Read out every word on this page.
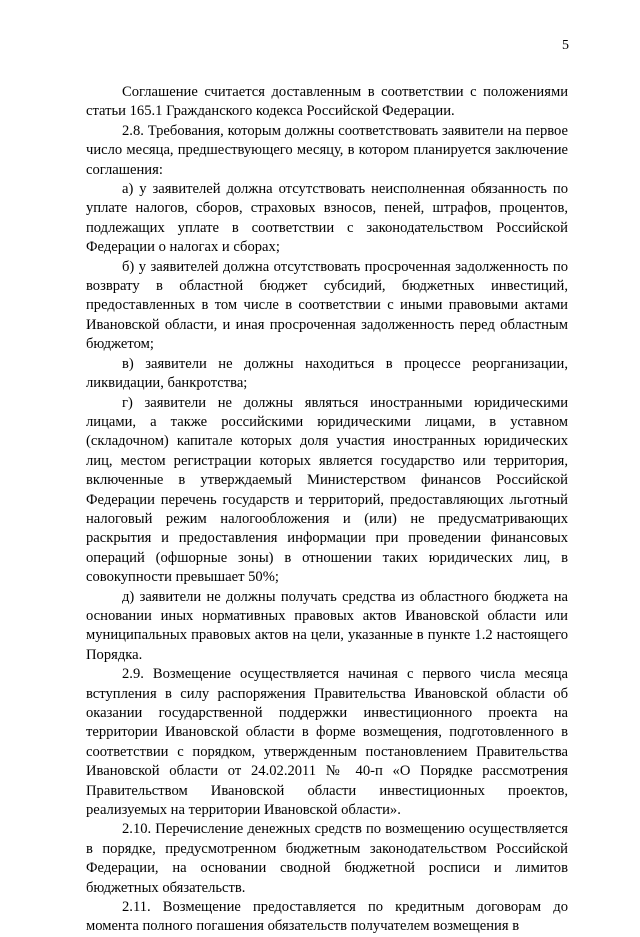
5

Соглашение считается доставленным в соответствии с положениями статьи 165.1 Гражданского кодекса Российской Федерации.

2.8. Требования, которым должны соответствовать заявители на первое число месяца, предшествующего месяцу, в котором планируется заключение соглашения:

а) у заявителей должна отсутствовать неисполненная обязанность по уплате налогов, сборов, страховых взносов, пеней, штрафов, процентов, подлежащих уплате в соответствии с законодательством Российской Федерации о налогах и сборах;

б) у заявителей должна отсутствовать просроченная задолженность по возврату в областной бюджет субсидий, бюджетных инвестиций, предоставленных в том числе в соответствии с иными правовыми актами Ивановской области, и иная просроченная задолженность перед областным бюджетом;

в) заявители не должны находиться в процессе реорганизации, ликвидации, банкротства;

г) заявители не должны являться иностранными юридическими лицами, а также российскими юридическими лицами, в уставном (складочном) капитале которых доля участия иностранных юридических лиц, местом регистрации которых является государство или территория, включенные в утверждаемый Министерством финансов Российской Федерации перечень государств и территорий, предоставляющих льготный налоговый режим налогообложения и (или) не предусматривающих раскрытия и предоставления информации при проведении финансовых операций (офшорные зоны) в отношении таких юридических лиц, в совокупности превышает 50%;

д) заявители не должны получать средства из областного бюджета на основании иных нормативных правовых актов Ивановской области или муниципальных правовых актов на цели, указанные в пункте 1.2 настоящего Порядка.

2.9. Возмещение осуществляется начиная с первого числа месяца вступления в силу распоряжения Правительства Ивановской области об оказании государственной поддержки инвестиционного проекта на территории Ивановской области в форме возмещения, подготовленного в соответствии с порядком, утвержденным постановлением Правительства Ивановской области от 24.02.2011 № 40-п «О Порядке рассмотрения Правительством Ивановской области инвестиционных проектов, реализуемых на территории Ивановской области».

2.10. Перечисление денежных средств по возмещению осуществляется в порядке, предусмотренном бюджетным законодательством Российской Федерации, на основании сводной бюджетной росписи и лимитов бюджетных обязательств.

2.11. Возмещение предоставляется по кредитным договорам до момента полного погашения обязательств получателем возмещения в
